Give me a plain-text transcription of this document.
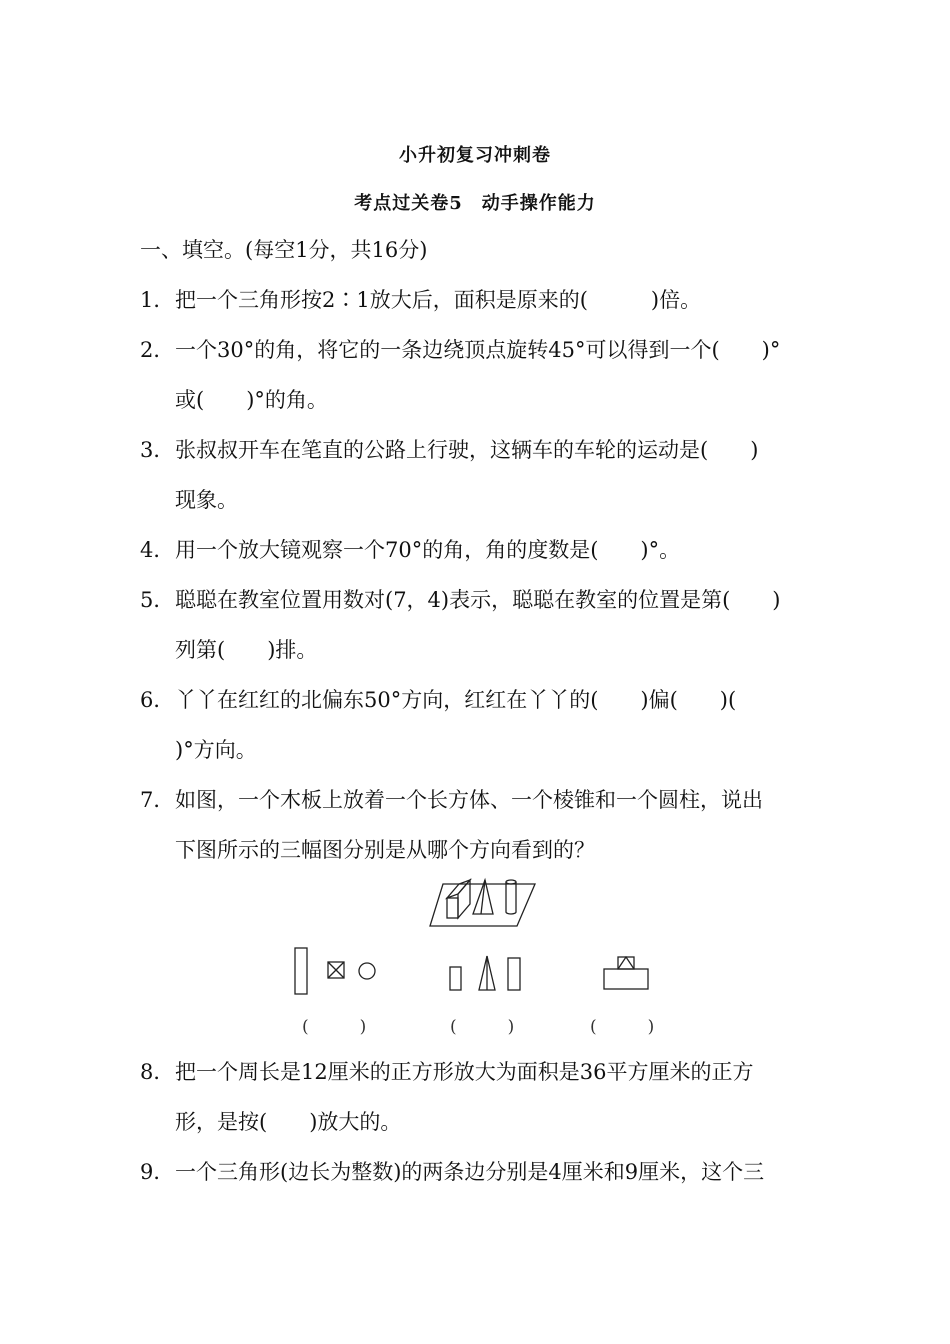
小升初复习冲刺卷
考点过关卷5　动手操作能力
一、填空。(每空1分，共16分)
1． 把一个三角形按2∶1放大后，面积是原来的(　　　)倍。
2． 一个30°的角，将它的一条边绕顶点旋转45°可以得到一个(　　)°
或(　　)°的角。
3． 张叔叔开车在笔直的公路上行驶，这辆车的车轮的运动是(　　)
现象。
4． 用一个放大镜观察一个70°的角，角的度数是(　　)°。
5． 聪聪在教室位置用数对(7，4)表示，聪聪在教室的位置是第(　　)
列第(　　)排。
6． 丫丫在红红的北偏东50°方向，红红在丫丫的(　　)偏(　　)(
)°方向。
7． 如图，一个木板上放着一个长方体、一个棱锥和一个圆柱，说出
下图所示的三幅图分别是从哪个方向看到的？
(　　　)	(　　　)	(　　　)
8． 把一个周长是12厘米的正方形放大为面积是36平方厘米的正方
形，是按(　　)放大的。
9． 一个三角形(边长为整数)的两条边分别是4厘米和9厘米，这个三
